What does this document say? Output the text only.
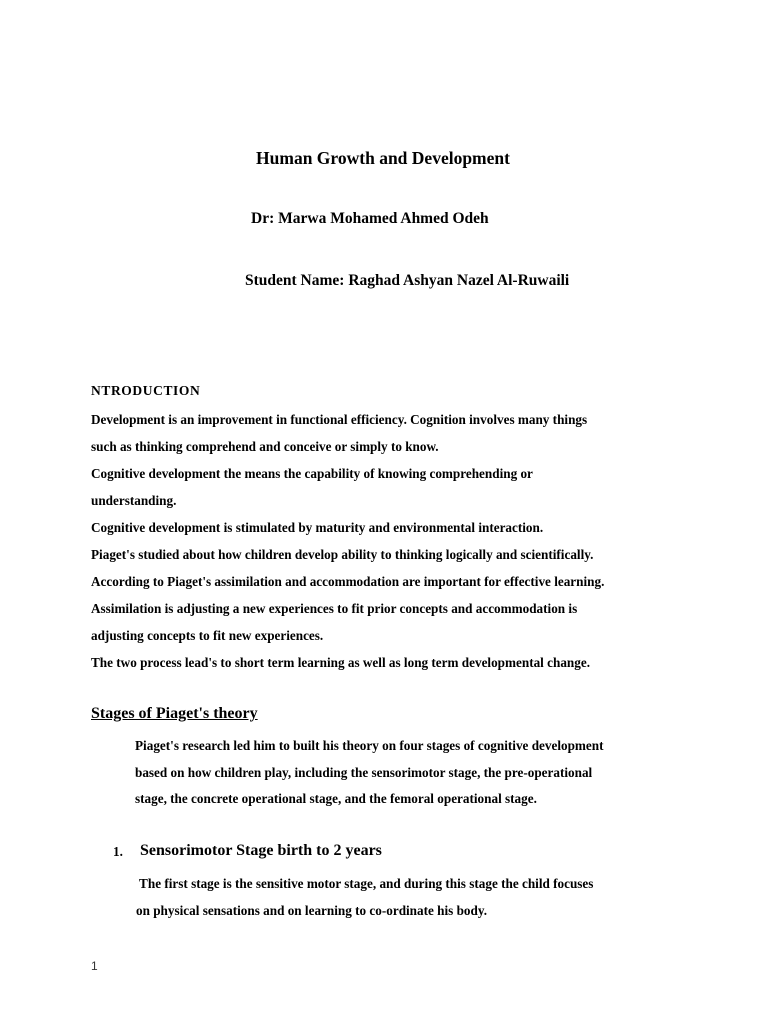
Human Growth and Development
Dr: Marwa Mohamed Ahmed Odeh
Student Name: Raghad Ashyan Nazel Al-Ruwaili
NTRODUCTION
Development is an improvement in functional efficiency. Cognition involves many things
such as thinking comprehend and conceive or simply to know.
Cognitive development the means the capability of knowing comprehending or
understanding.
Cognitive development is stimulated by maturity and environmental interaction.
Piaget's studied about how children develop ability to thinking logically and scientifically.
According to Piaget's assimilation and accommodation are important for effective learning.
Assimilation is adjusting a new experiences to fit prior concepts and accommodation is
adjusting concepts to fit new experiences.
The two process lead's to short term learning as well as long term developmental change.
Stages of Piaget's theory
Piaget's research led him to built his theory on four stages of cognitive development
based on how children play, including the sensorimotor stage, the pre-operational
stage, the concrete operational stage, and the femoral operational stage.
1. Sensorimotor Stage birth to 2 years
The first stage is the sensitive motor stage, and during this stage the child focuses
on physical sensations and on learning to co-ordinate his body.
1
